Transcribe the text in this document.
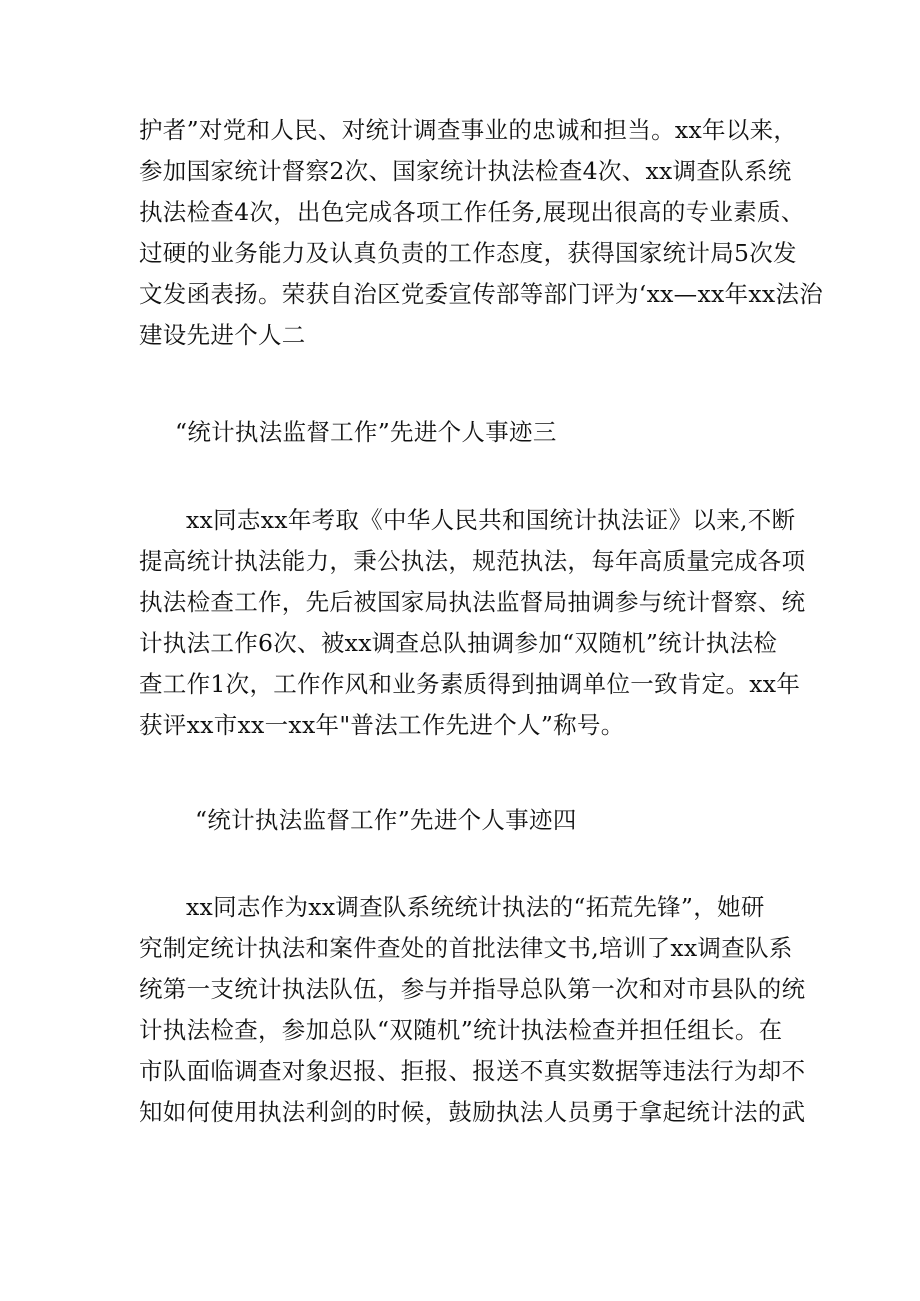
护者”对党和人民、对统计调查事业的忠诚和担当。xx年以来，
参加国家统计督察2次、国家统计执法检查4次、xx调查队系统
执法检查4次，出色完成各项工作任务,展现出很高的专业素质、
过硬的业务能力及认真负责的工作态度，获得国家统计局5次发
文发函表扬。荣获自治区党委宣传部等部门评为‘xx—xx年xx法治
建设先进个人二
“统计执法监督工作”先进个人事迹三
xx同志xx年考取《中华人民共和国统计执法证》以来,不断
提高统计执法能力，秉公执法，规范执法，每年高质量完成各项
执法检查工作，先后被国家局执法监督局抽调参与统计督察、统
计执法工作6次、被xx调查总队抽调参加“双随机”统计执法检
查工作1次，工作作风和业务素质得到抽调单位一致肯定。xx年
获评xx市xx一xx年"普法工作先进个人”称号。
“统计执法监督工作”先进个人事迹四
xx同志作为xx调查队系统统计执法的“拓荒先锋”，她研
究制定统计执法和案件查处的首批法律文书,培训了xx调查队系
统第一支统计执法队伍，参与并指导总队第一次和对市县队的统
计执法检查，参加总队“双随机”统计执法检查并担任组长。在
市队面临调查对象迟报、拒报、报送不真实数据等违法行为却不
知如何使用执法利剑的时候，鼓励执法人员勇于拿起统计法的武
